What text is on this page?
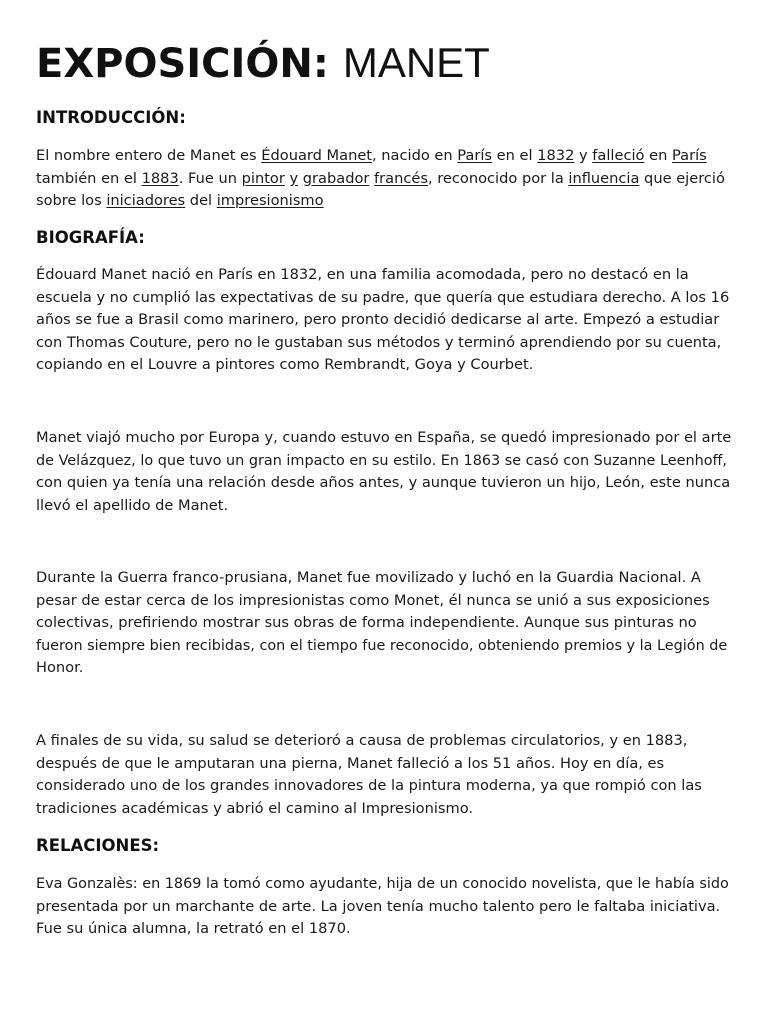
EXPOSICIÓN: MANET
INTRODUCCIÓN:
El nombre entero de Manet es Édouard Manet, nacido en París en el 1832 y falleció en París
también en el 1883. Fue un pintor y grabador francés, reconocido por la influencia que ejerció
sobre los iniciadores del impresionismo
BIOGRAFÍA:
Édouard Manet nació en París en 1832, en una familia acomodada, pero no destacó en la
escuela y no cumplió las expectativas de su padre, que quería que estudiara derecho. A los 16
años se fue a Brasil como marinero, pero pronto decidió dedicarse al arte. Empezó a estudiar
con Thomas Couture, pero no le gustaban sus métodos y terminó aprendiendo por su cuenta,
copiando en el Louvre a pintores como Rembrandt, Goya y Courbet.
Manet viajó mucho por Europa y, cuando estuvo en España, se quedó impresionado por el arte
de Velázquez, lo que tuvo un gran impacto en su estilo. En 1863 se casó con Suzanne Leenhoff,
con quien ya tenía una relación desde años antes, y aunque tuvieron un hijo, León, este nunca
llevó el apellido de Manet.
Durante la Guerra franco-prusiana, Manet fue movilizado y luchó en la Guardia Nacional. A
pesar de estar cerca de los impresionistas como Monet, él nunca se unió a sus exposiciones
colectivas, prefiriendo mostrar sus obras de forma independiente. Aunque sus pinturas no
fueron siempre bien recibidas, con el tiempo fue reconocido, obteniendo premios y la Legión de
Honor.
A finales de su vida, su salud se deterioró a causa de problemas circulatorios, y en 1883,
después de que le amputaran una pierna, Manet falleció a los 51 años. Hoy en día, es
considerado uno de los grandes innovadores de la pintura moderna, ya que rompió con las
tradiciones académicas y abrió el camino al Impresionismo.
RELACIONES:
Eva Gonzalès: en 1869 la tomó como ayudante, hija de un conocido novelista, que le había sido
presentada por un marchante de arte. La joven tenía mucho talento pero le faltaba iniciativa.
Fue su única alumna, la retrató en el 1870.
